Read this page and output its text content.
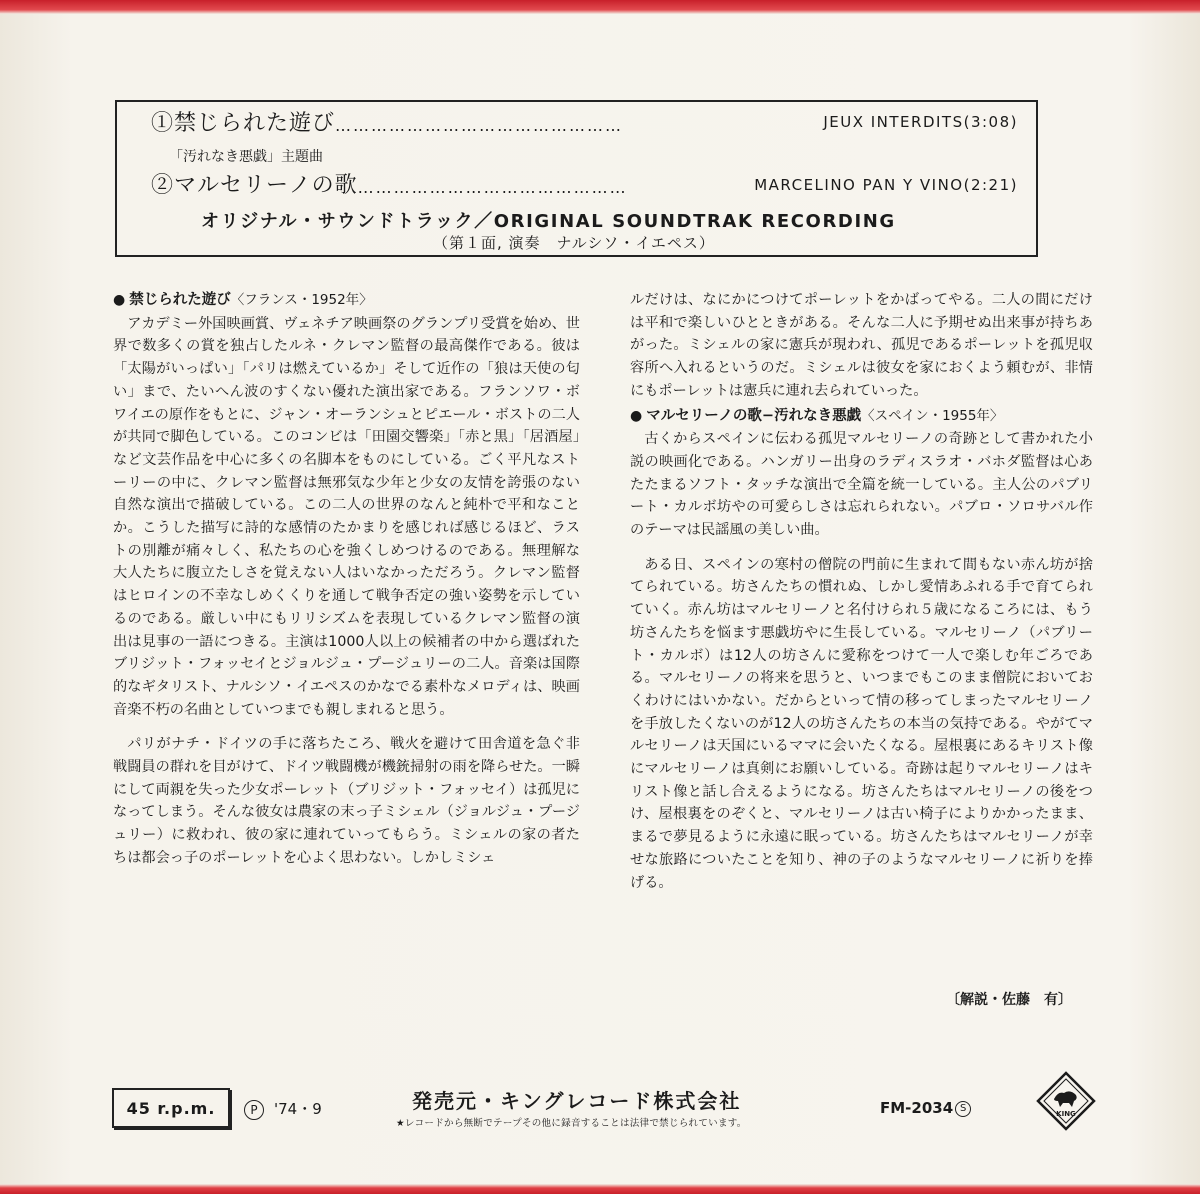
①禁じられた遊び…………………………………………	JEUX INTERDITS(3:08)
「汚れなき悪戯」主題曲
②マルセリーノの歌………………………………………	MARCELINO PAN Y VINO(2:21)
オリジナル・サウンドトラック／ORIGINAL SOUNDTRAK RECORDING
（第１面, 演奏　ナルシソ・イエペス）
● 禁じられた遊び〈フランス・1952年〉

アカデミー外国映画賞、ヴェネチア映画祭のグランプリ受賞を始め、世界で数多くの賞を独占したルネ・クレマン監督の最高傑作である。彼は「太陽がいっぱい」「パリは燃えているか」そして近作の「狼は天使の匂い」まで、たいへん波のすくない優れた演出家である。フランソワ・ボワイエの原作をもとに、ジャン・オーランシュとピエール・ボストの二人が共同で脚色している。このコンビは「田園交響楽」「赤と黒」「居酒屋」など文芸作品を中心に多くの名脚本をものにしている。ごく平凡なストーリーの中に、クレマン監督は無邪気な少年と少女の友情を誇張のない自然な演出で描破している。この二人の世界のなんと純朴で平和なことか。こうした描写に詩的な感情のたかまりを感じれば感じるほど、ラストの別離が痛々しく、私たちの心を強くしめつけるのである。無理解な大人たちに腹立たしさを覚えない人はいなかっただろう。クレマン監督はヒロインの不幸なしめくくりを通して戦争否定の強い姿勢を示しているのである。厳しい中にもリリシズムを表現しているクレマン監督の演出は見事の一語につきる。主演は1000人以上の候補者の中から選ばれたブリジット・フォッセイとジョルジュ・プージュリーの二人。音楽は国際的なギタリスト、ナルシソ・イエペスのかなでる素朴なメロディは、映画音楽不朽の名曲としていつまでも親しまれると思う。

パリがナチ・ドイツの手に落ちたころ、戦火を避けて田舎道を急ぐ非戦闘員の群れを目がけて、ドイツ戦闘機が機銃掃射の雨を降らせた。一瞬にして両親を失った少女ポーレット（ブリジット・フォッセイ）は孤児になってしまう。そんな彼女は農家の末っ子ミシェル（ジョルジュ・プージュリー）に救われ、彼の家に連れていってもらう。ミシェルの家の者たちは都会っ子のポーレットを心よく思わない。しかしミシェ

ルだけは、なにかにつけてポーレットをかばってやる。二人の間にだけは平和で楽しいひとときがある。そんな二人に予期せぬ出来事が持ちあがった。ミシェルの家に憲兵が現われ、孤児であるポーレットを孤児収容所へ入れるというのだ。ミシェルは彼女を家におくよう頼むが、非情にもポーレットは憲兵に連れ去られていった。

● マルセリーノの歌−汚れなき悪戯〈スペイン・1955年〉

古くからスペインに伝わる孤児マルセリーノの奇跡として書かれた小説の映画化である。ハンガリー出身のラディスラオ・バホダ監督は心あたたまるソフト・タッチな演出で全篇を統一している。主人公のパブリート・カルボ坊やの可愛らしさは忘れられない。パブロ・ソロサバル作のテーマは民謡風の美しい曲。

ある日、スペインの寒村の僧院の門前に生まれて間もない赤ん坊が捨てられている。坊さんたちの慣れぬ、しかし愛情あふれる手で育てられていく。赤ん坊はマルセリーノと名付けられ５歳になるころには、もう坊さんたちを悩ます悪戯坊やに生長している。マルセリーノ（パブリート・カルボ）は12人の坊さんに愛称をつけて一人で楽しむ年ごろである。マルセリーノの将来を思うと、いつまでもこのまま僧院においておくわけにはいかない。だからといって情の移ってしまったマルセリーノを手放したくないのが12人の坊さんたちの本当の気持である。やがてマルセリーノは天国にいるママに会いたくなる。屋根裏にあるキリスト像にマルセリーノは真剣にお願いしている。奇跡は起りマルセリーノはキリスト像と話し合えるようになる。坊さんたちはマルセリーノの後をつけ、屋根裏をのぞくと、マルセリーノは古い椅子によりかかったまま、まるで夢見るように永遠に眠っている。坊さんたちはマルセリーノが幸せな旅路についたことを知り、神の子のようなマルセリーノに祈りを捧げる。

〔解説・佐藤　有〕
45 r.p.m.	P '74・9	発売元・キングレコード株式会社
★レコードから無断でテープその他に録音することは法律で禁じられています。
FM-2034 S
KING
